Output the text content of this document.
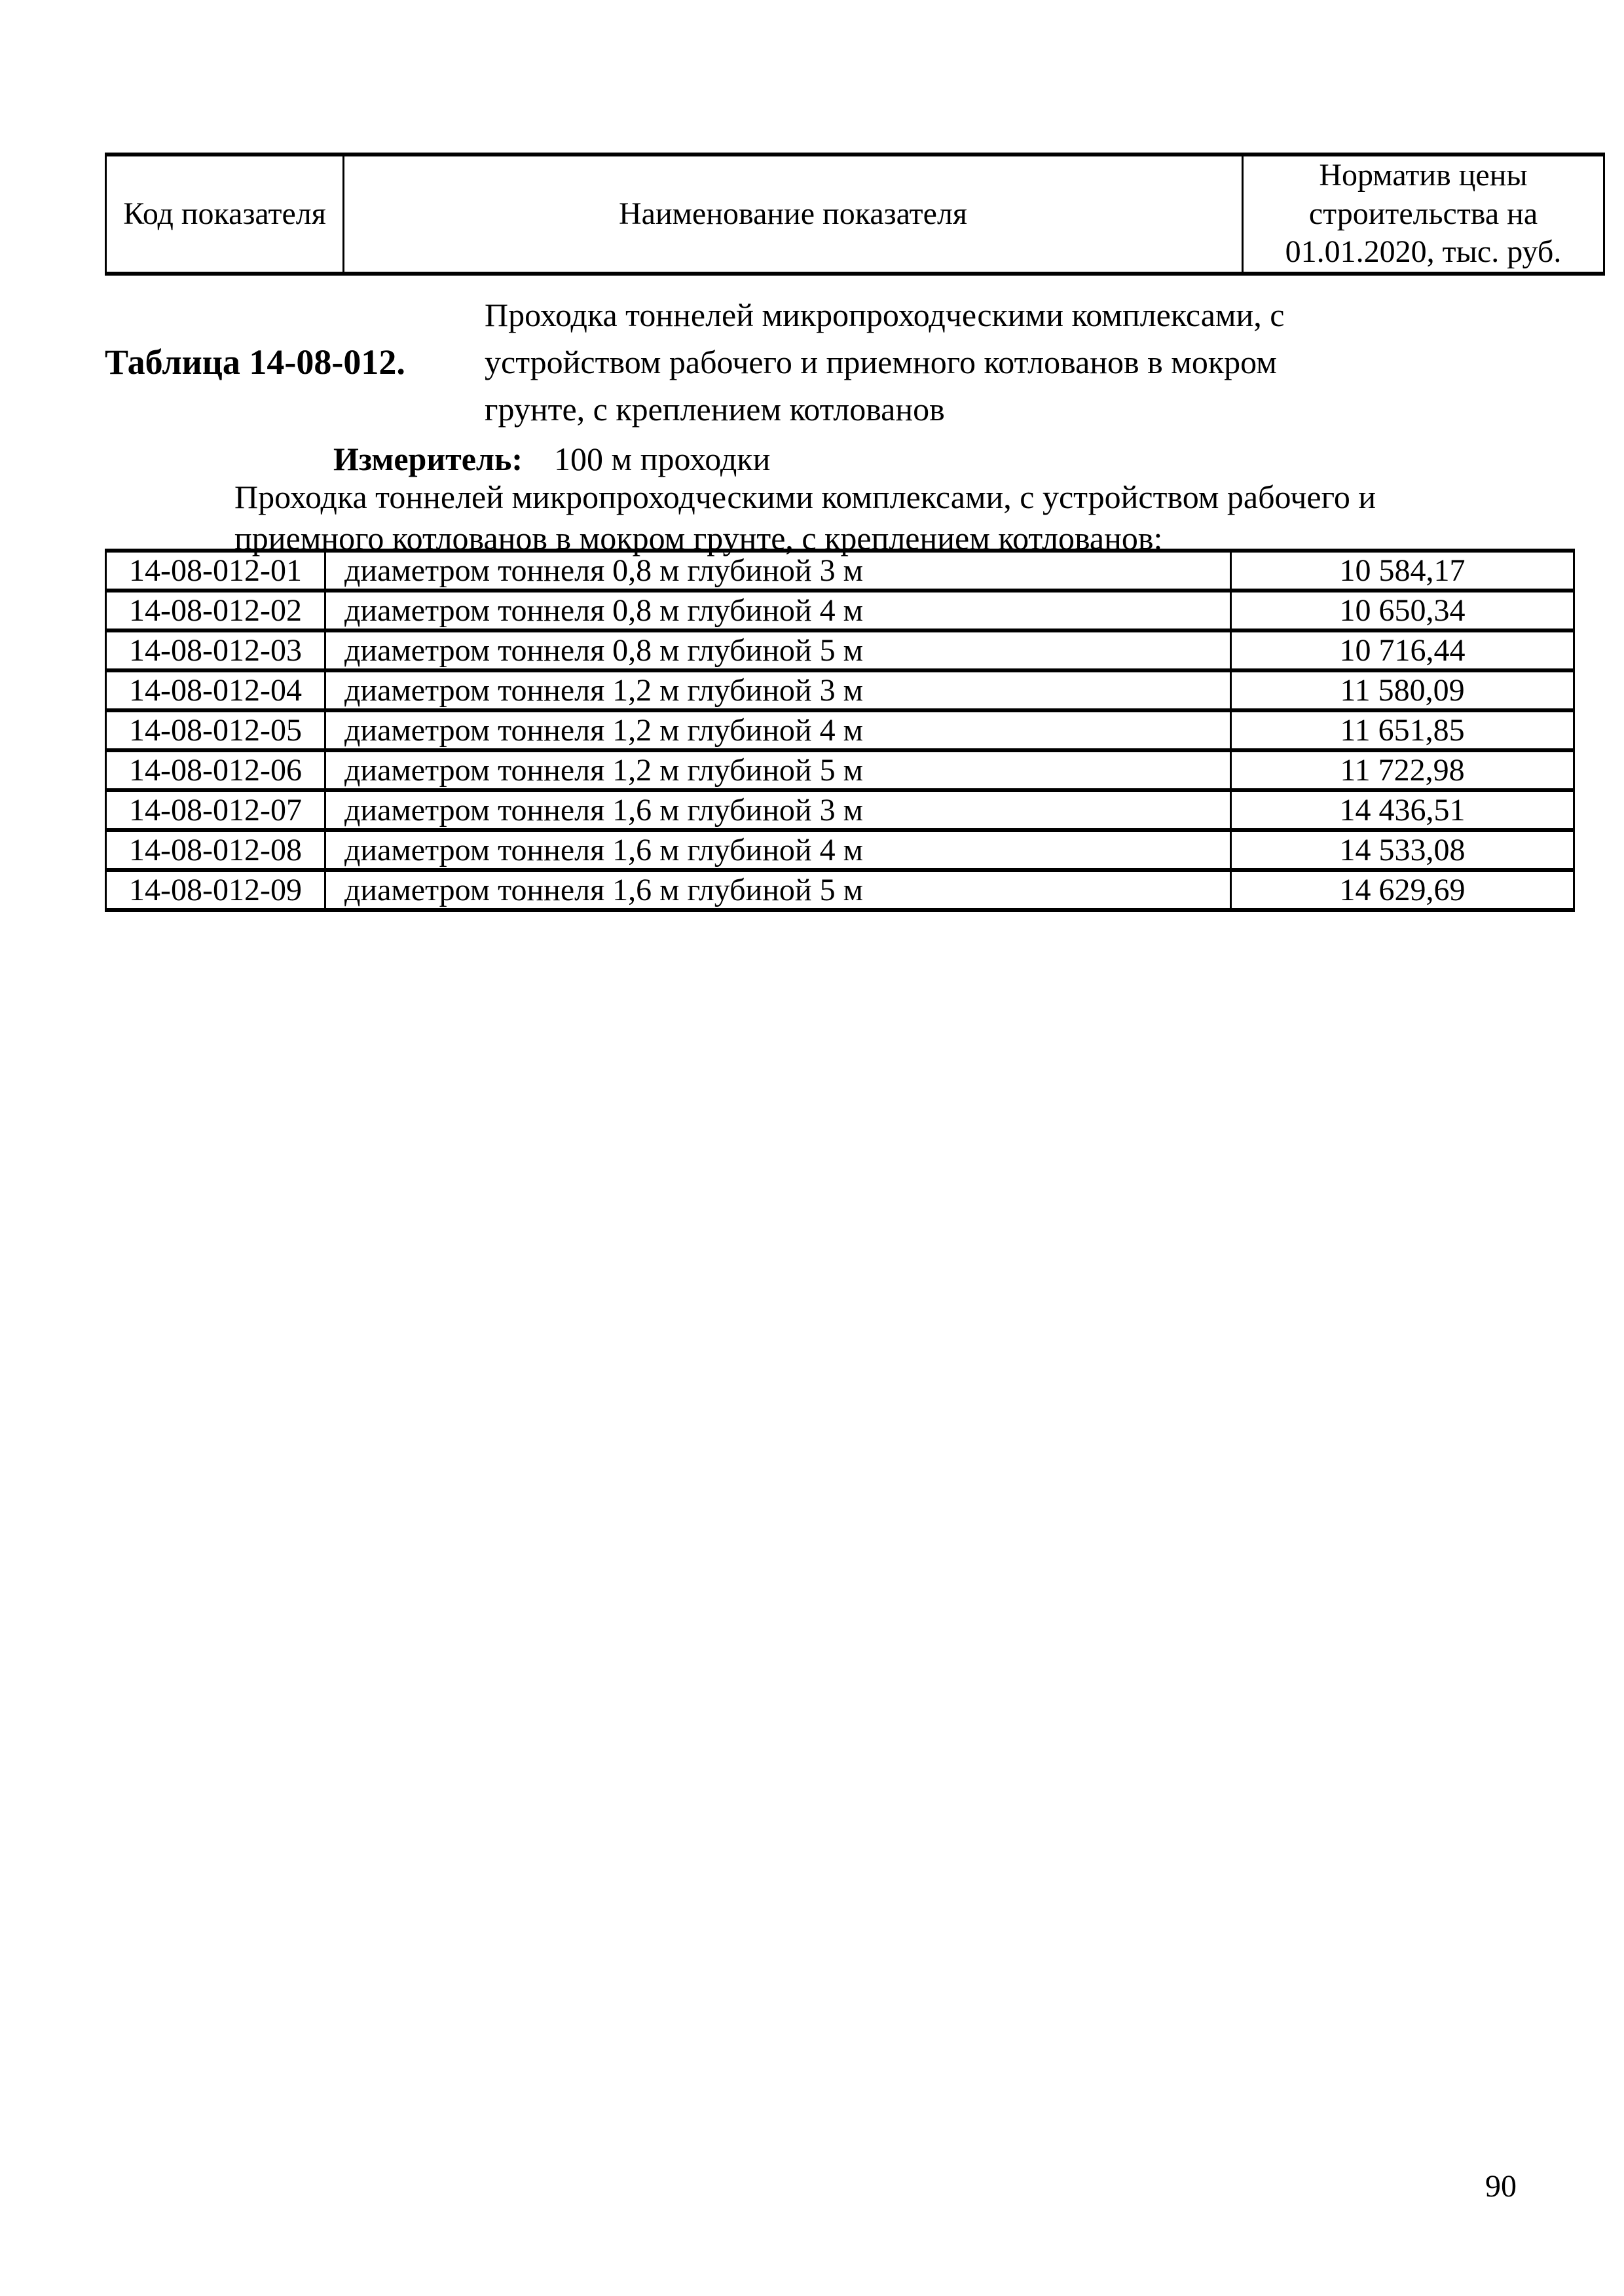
Код показателя	Наименование показателя	Норматив цены строительства на 01.01.2020, тыс. руб.
Таблица 14-08-012.
Проходка тоннелей микропроходческими комплексами, с устройством рабочего и приемного котлованов в мокром грунте, с креплением котлованов
Измеритель: 100 м проходки
Проходка тоннелей микропроходческими комплексами, с устройством рабочего и приемного котлованов в мокром грунте, с креплением котлованов:
14-08-012-01	диаметром тоннеля 0,8 м глубиной 3 м	10 584,17
14-08-012-02	диаметром тоннеля 0,8 м глубиной 4 м	10 650,34
14-08-012-03	диаметром тоннеля 0,8 м глубиной 5 м	10 716,44
14-08-012-04	диаметром тоннеля 1,2 м глубиной 3 м	11 580,09
14-08-012-05	диаметром тоннеля 1,2 м глубиной 4 м	11 651,85
14-08-012-06	диаметром тоннеля 1,2 м глубиной 5 м	11 722,98
14-08-012-07	диаметром тоннеля 1,6 м глубиной 3 м	14 436,51
14-08-012-08	диаметром тоннеля 1,6 м глубиной 4 м	14 533,08
14-08-012-09	диаметром тоннеля 1,6 м глубиной 5 м	14 629,69
90
